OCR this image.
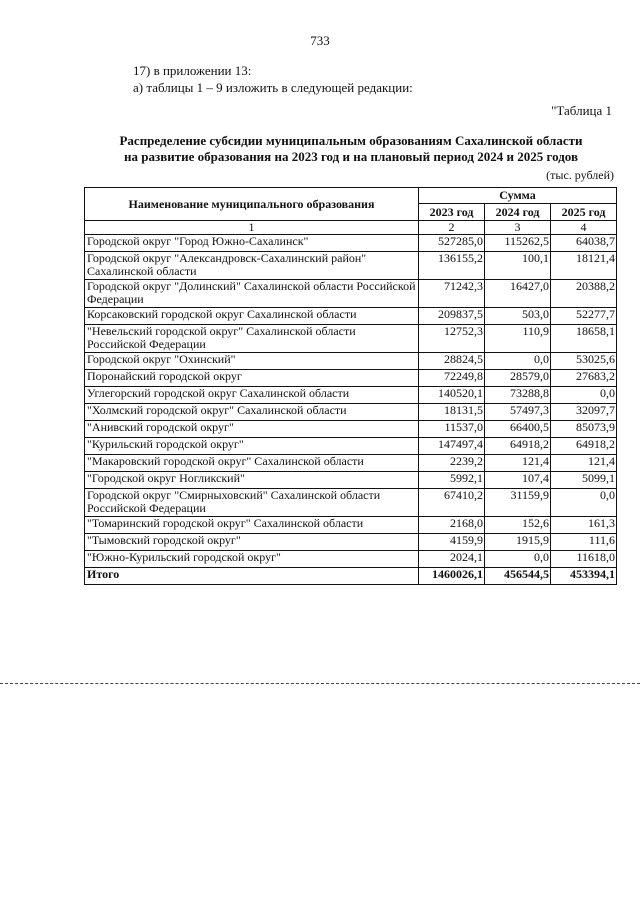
733
17) в приложении 13:
а) таблицы 1 – 9 изложить в следующей редакции:
"Таблица 1
Распределение субсидии муниципальным образованиям Сахалинской области
на развитие образования на 2023 год и на плановый период 2024 и 2025 годов
(тыс. рублей)
Наименование муниципального образования	Сумма		
	2023 год	2024 год	2025 год
1	2	3	4
Городской округ "Город Южно-Сахалинск"	527285,0	115262,5	64038,7
Городской округ "Александровск-Сахалинский район" Сахалинской области	136155,2	100,1	18121,4
Городской округ "Долинский" Сахалинской области Российской Федерации	71242,3	16427,0	20388,2
Корсаковский городской округ Сахалинской области	209837,5	503,0	52277,7
"Невельский городской округ" Сахалинской области Российской Федерации	12752,3	110,9	18658,1
Городской округ "Охинский"	28824,5	0,0	53025,6
Поронайский городской округ	72249,8	28579,0	27683,2
Углегорский городской округ Сахалинской области	140520,1	73288,8	0,0
"Холмский городской округ" Сахалинской области	18131,5	57497,3	32097,7
"Анивский городской округ"	11537,0	66400,5	85073,9
"Курильский городской округ"	147497,4	64918,2	64918,2
"Макаровский городской округ" Сахалинской области	2239,2	121,4	121,4
"Городской округ Ногликский"	5992,1	107,4	5099,1
Городской округ "Смирныховский" Сахалинской области Российской Федерации	67410,2	31159,9	0,0
"Томаринский городской округ" Сахалинской области	2168,0	152,6	161,3
"Тымовский городской округ"	4159,9	1915,9	111,6
"Южно-Курильский городской округ"	2024,1	0,0	11618,0
Итого	1460026,1	456544,5	453394,1
